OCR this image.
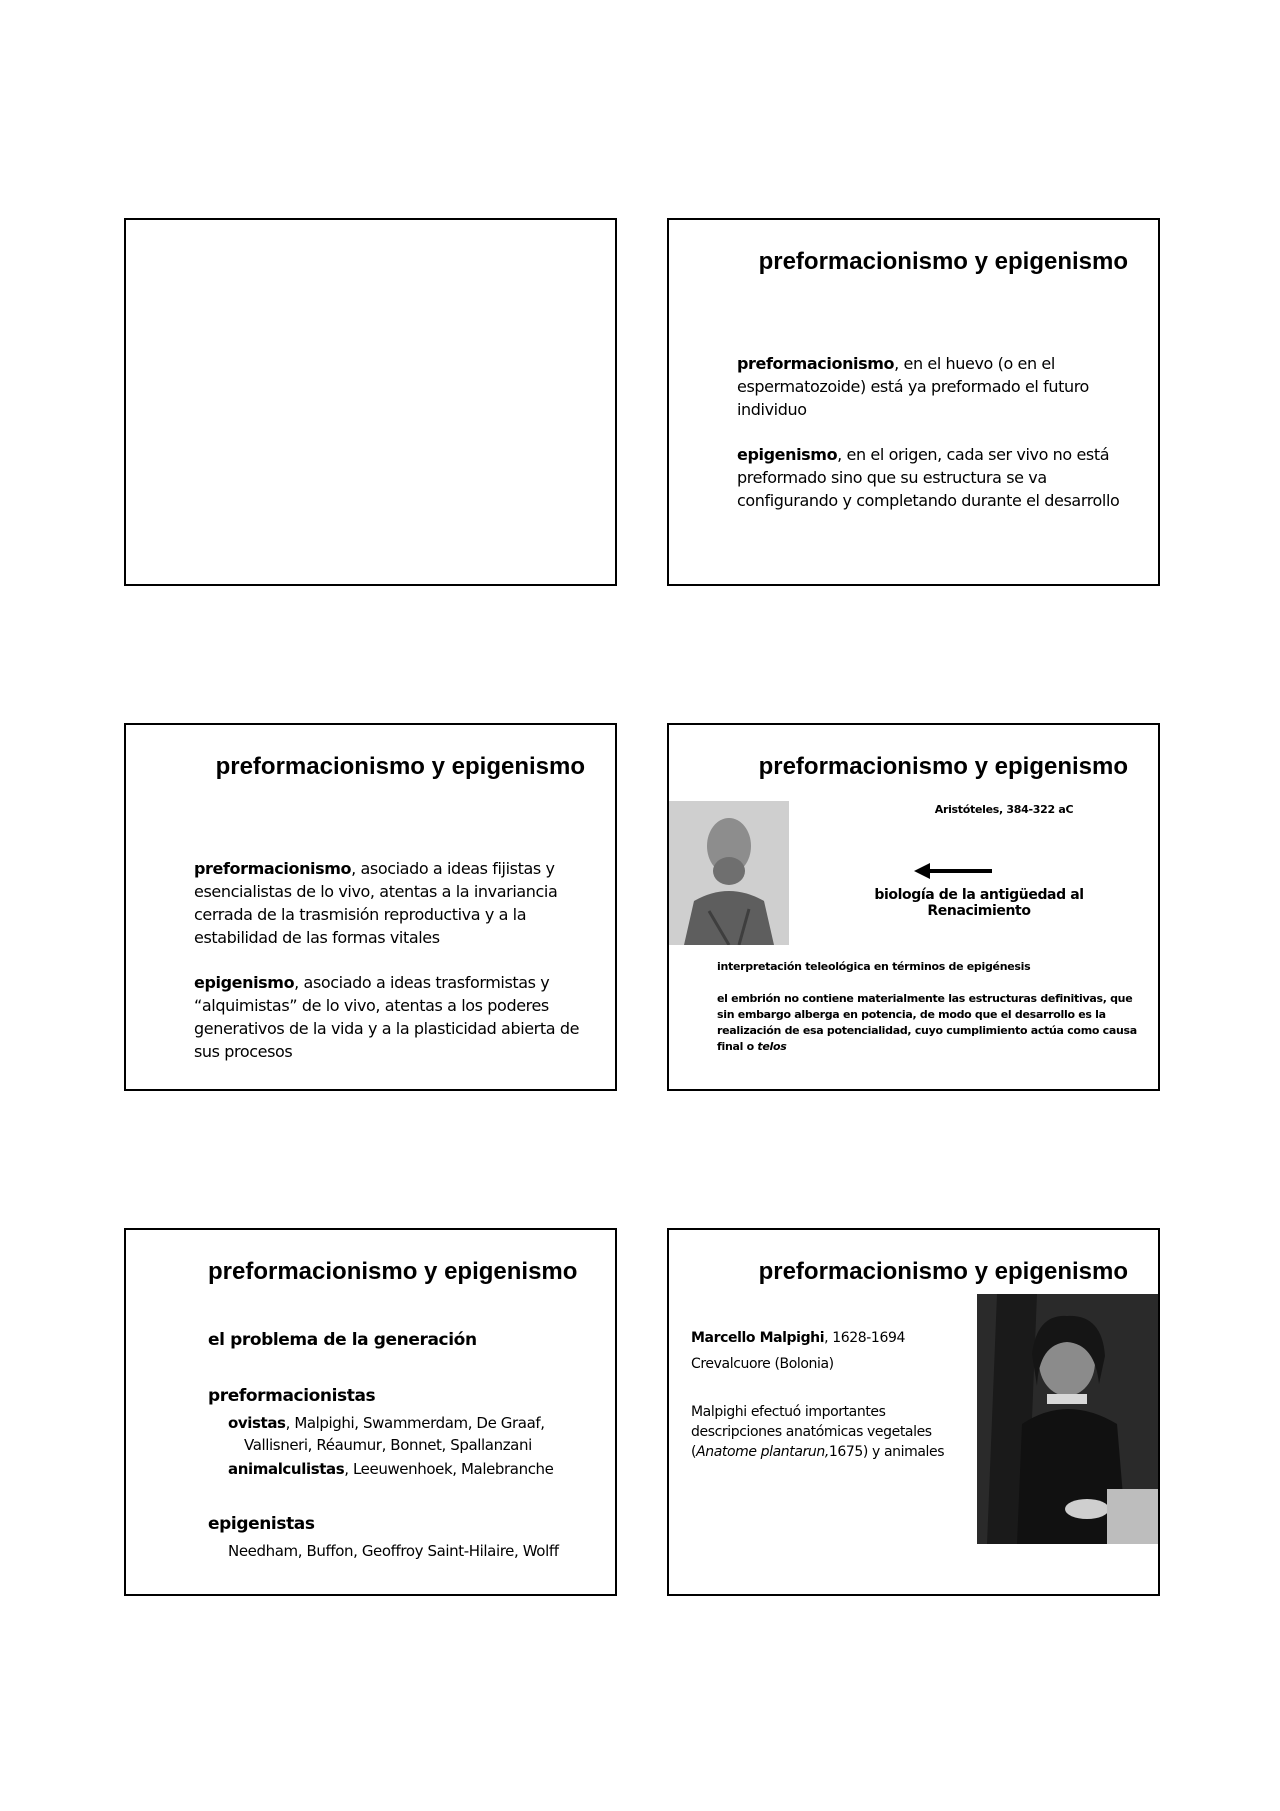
preformacionismo y epigenismo

preformacionismo, en el huevo (o en el espermatozoide) está ya preformado el futuro individuo

epigenismo, en el origen, cada ser vivo no está preformado sino que su estructura se va configurando y completando durante el desarrollo

preformacionismo y epigenismo

preformacionismo, asociado a ideas fijistas y esencialistas de lo vivo, atentas a la invariancia cerrada de la trasmisión reproductiva y a la estabilidad de las formas vitales

epigenismo, asociado a ideas trasformistas y “alquimistas” de lo vivo, atentas a los poderes generativos de la vida y a la plasticidad abierta de sus procesos

preformacionismo y epigenismo
Aristóteles, 384-322 aC
biología de la antigüedad al Renacimiento
interpretación teleológica en términos de epigénesis
el embrión no contiene materialmente las estructuras definitivas, que sin embargo alberga en potencia, de modo que el desarrollo es la realización de esa potencialidad, cuyo cumplimiento actúa como causa final o telos
preformacionismo y epigenismo
el problema de la generación
preformacionistas
ovistas, Malpighi, Swammerdam, De Graaf,
Vallisneri, Réaumur, Bonnet, Spallanzani
animalculistas, Leeuwenhoek, Malebranche
epigenistas
Needham, Buffon, Geoffroy Saint-Hilaire, Wolff
preformacionismo y epigenismo
Marcello Malpighi, 1628-1694
Crevalcuore (Bolonia)
Malpighi efectuó importantes descripciones anatómicas vegetales (Anatome plantarun,1675) y animales
